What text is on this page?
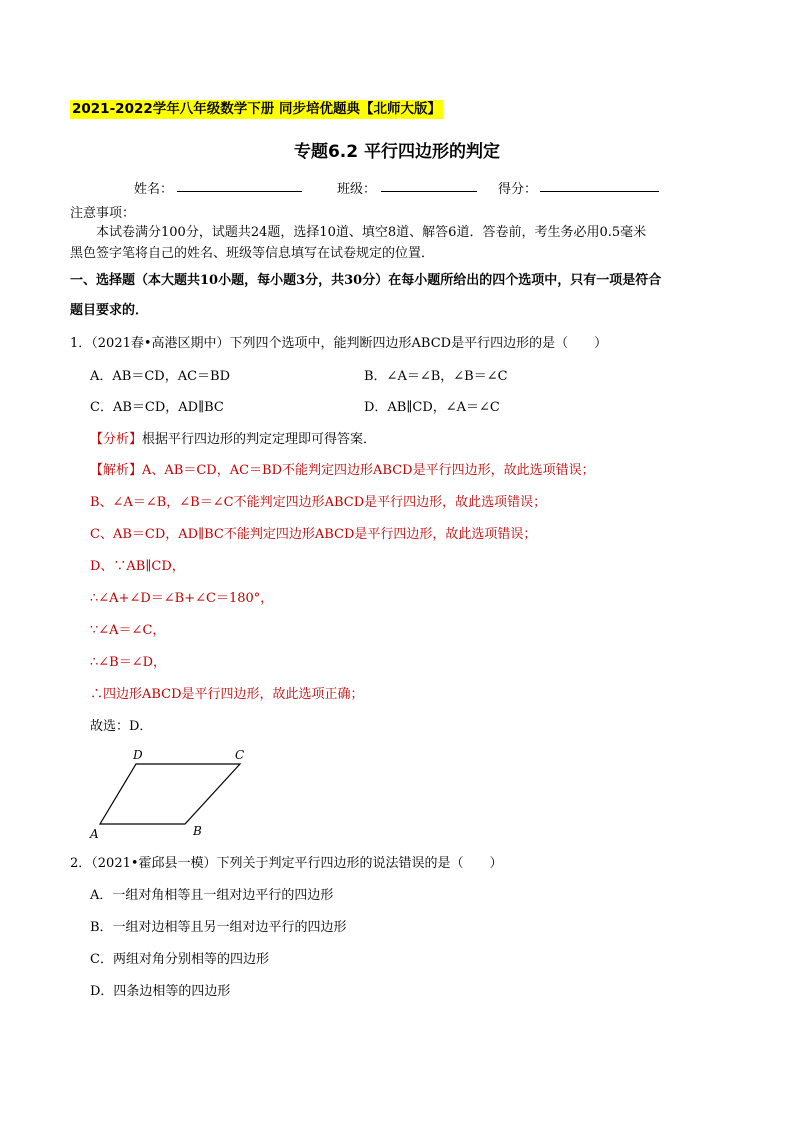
2021-2022学年八年级数学下册 同步培优题典【北师大版】
专题6.2 平行四边形的判定
姓名：	班级：	得分：
注意事项：
本试卷满分100分，试题共24题，选择10道、填空8道、解答6道．答卷前，考生务必用0.5毫米
黑色签字笔将自己的姓名、班级等信息填写在试卷规定的位置．
一、选择题（本大题共10小题，每小题3分，共30分）在每小题所给出的四个选项中，只有一项是符合
题目要求的．
1．（2021春•高港区期中）下列四个选项中，能判断四边形ABCD是平行四边形的是（　　）
A．AB＝CD，AC＝BD	B．∠A＝∠B，∠B＝∠C
C．AB＝CD，AD∥BC	D．AB∥CD，∠A＝∠C
【分析】根据平行四边形的判定定理即可得答案．
【解析】A、AB＝CD，AC＝BD不能判定四边形ABCD是平行四边形，故此选项错误；
B、∠A＝∠B，∠B＝∠C不能判定四边形ABCD是平行四边形，故此选项错误；
C、AB＝CD，AD∥BC不能判定四边形ABCD是平行四边形，故此选项错误；
D、∵AB∥CD，
∴∠A+∠D＝∠B+∠C＝180°，
∵∠A＝∠C，
∴∠B＝∠D，
∴四边形ABCD是平行四边形，故此选项正确；
故选：D．
D	C
A	B
2．（2021•霍邱县一模）下列关于判定平行四边形的说法错误的是（　　）
A．一组对角相等且一组对边平行的四边形
B．一组对边相等且另一组对边平行的四边形
C．两组对角分别相等的四边形
D．四条边相等的四边形
